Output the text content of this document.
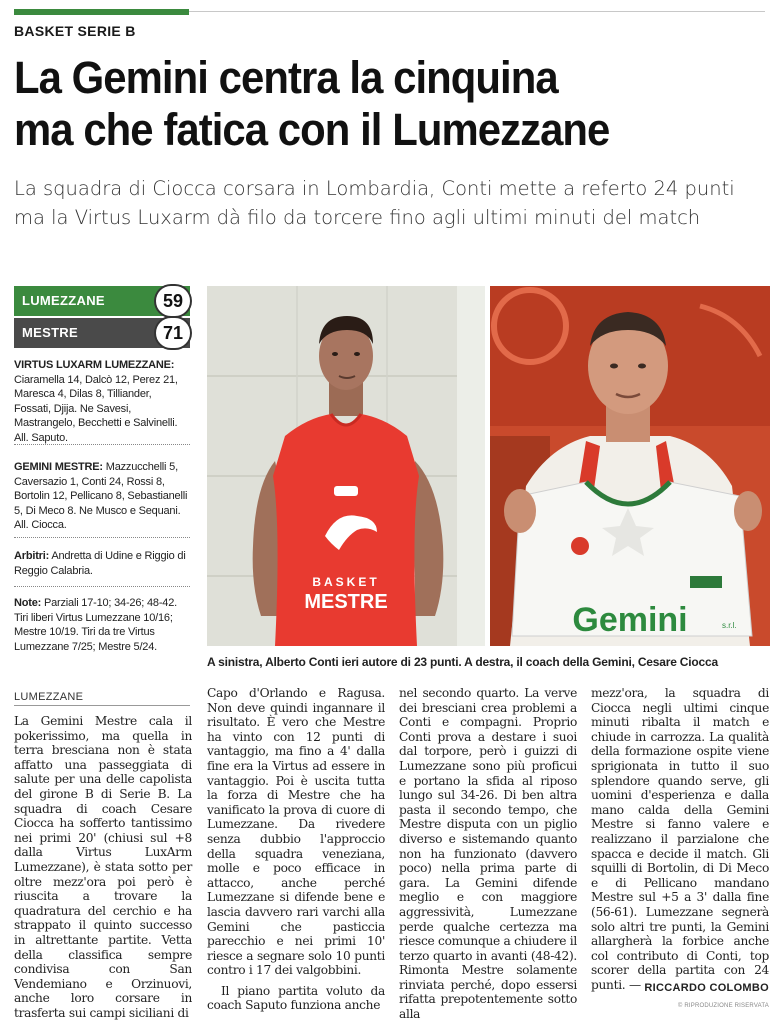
BASKET SERIE B
La Gemini centra la cinquina
ma che fatica con il Lumezzane
La squadra di Ciocca corsara in Lombardia, Conti mette a referto 24 punti
ma la Virtus Luxarm dà filo da torcere fino agli ultimi minuti del match
LUMEZZANE	59
MESTRE	71
VIRTUS LUXARM LUMEZZANE: Ciaramella 14, Dalcò 12, Perez 21, Maresca 4, Dilas 8, Tilliander, Fossati, Djija. Ne Savesi, Mastrangelo, Becchetti e Salvinelli. All. Saputo.
GEMINI MESTRE: Mazzucchelli 5, Caversazio 1, Conti 24, Rossi 8, Bortolin 12, Pellicano 8, Sebastianelli 5, Di Meco 8. Ne Musco e Sequani. All. Ciocca.
Arbitri: Andretta di Udine e Riggio di Reggio Calabria.
Note: Parziali 17-10; 34-26; 48-42. Tiri liberi Virtus Lumezzane 10/16; Mestre 10/19. Tiri da tre Virtus Lumezzane 7/25; Mestre 5/24.
BASKET
MESTRE	Gemini	s.r.l.
A sinistra, Alberto Conti ieri autore di 23 punti. A destra, il coach della Gemini, Cesare Ciocca
LUMEZZANE

La Gemini Mestre cala il pokerissimo, ma quella in terra bresciana non è stata affatto una passeggiata di salute per una delle capolista del girone B di Serie B. La squadra di coach Cesare Ciocca ha sofferto tantissimo nei primi 20' (chiusi sul +8 dalla Virtus LuxArm Lumezzane), è stata sotto per oltre mezz'ora poi però è riuscita a trovare la quadratura del cerchio e ha strappato il quinto successo in altrettante partite. Vetta della classifica sempre condivisa con San Vendemiano e Orzinuovi, anche loro corsare in trasferta sui campi siciliani di

Capo d'Orlando e Ragusa. Non deve quindi ingannare il risultato. È vero che Mestre ha vinto con 12 punti di vantaggio, ma fino a 4' dalla fine era la Virtus ad essere in vantaggio. Poi è uscita tutta la forza di Mestre che ha vanificato la prova di cuore di Lumezzane. Da rivedere senza dubbio l'approccio della squadra veneziana, molle e poco efficace in attacco, anche perché Lumezzane si difende bene e lascia davvero rari varchi alla Gemini che pasticcia parecchio e nei primi 10' riesce a segnare solo 10 punti contro i 17 dei valgobbini.

Il piano partita voluto da coach Saputo funziona anche

nel secondo quarto. La verve dei bresciani crea problemi a Conti e compagni. Proprio Conti prova a destare i suoi dal torpore, però i guizzi di Lumezzane sono più proficui e portano la sfida al riposo lungo sul 34-26. Di ben altra pasta il secondo tempo, che Mestre disputa con un piglio diverso e sistemando quanto non ha funzionato (davvero poco) nella prima parte di gara. La Gemini difende meglio e con maggiore aggressività, Lumezzane perde qualche certezza ma riesce comunque a chiudere il terzo quarto in avanti (48-42). Rimonta Mestre solamente rinviata perché, dopo essersi rifatta prepotentemente sotto alla

mezz'ora, la squadra di Ciocca negli ultimi cinque minuti ribalta il match e chiude in carrozza. La qualità della formazione ospite viene sprigionata in tutto il suo splendore quando serve, gli uomini d'esperienza e dalla mano calda della Gemini Mestre si fanno valere e realizzano il parzialone che spacca e decide il match. Gli squilli di Bortolin, di Di Meco e di Pellicano mandano Mestre sul +5 a 3' dalla fine (56-61). Lumezzane segnerà solo altri tre punti, la Gemini allargherà la forbice anche col contributo di Conti, top scorer della partita con 24 punti. — RICCARDO COLOMBO
© RIPRODUZIONE RISERVATA
